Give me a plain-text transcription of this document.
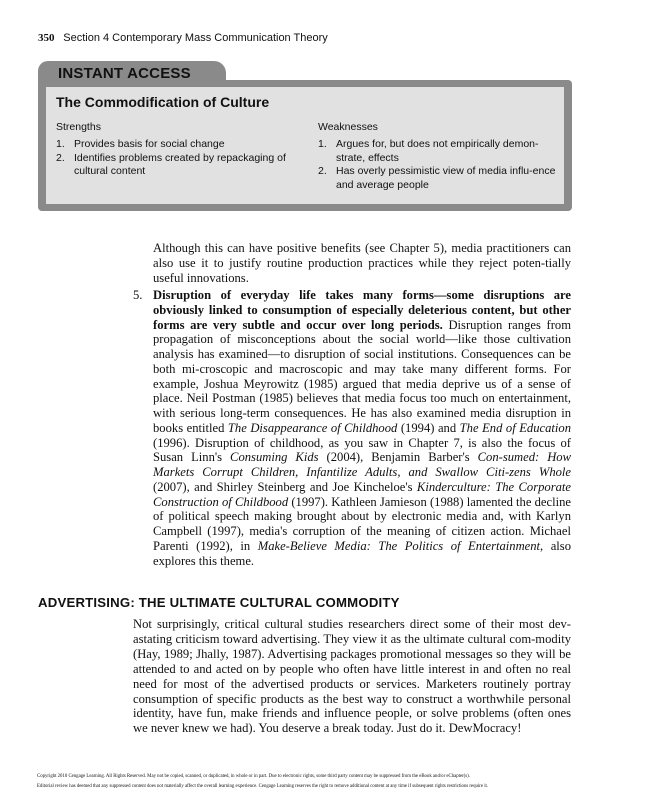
350 Section 4 Contemporary Mass Communication Theory
INSTANT ACCESS
The Commodification of Culture
Strengths	Weaknesses
1. Provides basis for social change
2. Identifies problems created by repackaging of cultural content
1. Argues for, but does not empirically demon-strate, effects
2. Has overly pessimistic view of media influ-ence and average people

Although this can have positive benefits (see Chapter 5), media practitioners can also use it to justify routine production practices while they reject poten-tially useful innovations.

5. Disruption of everyday life takes many forms—some disruptions are obviously linked to consumption of especially deleterious content, but other forms are very subtle and occur over long periods. Disruption ranges from propagation of misconceptions about the social world—like those cultivation analysis has examined—to disruption of social institutions. Consequences can be both mi-croscopic and macroscopic and may take many different forms. For example, Joshua Meyrowitz (1985) argued that media deprive us of a sense of place. Neil Postman (1985) believes that media focus too much on entertainment, with serious long-term consequences. He has also examined media disruption in books entitled The Disappearance of Childhood (1994) and The End of Education (1996). Disruption of childhood, as you saw in Chapter 7, is also the focus of Susan Linn's Consuming Kids (2004), Benjamin Barber's Con-sumed: How Markets Corrupt Children, Infantilize Adults, and Swallow Citi-zens Whole (2007), and Shirley Steinberg and Joe Kincheloe's Kinderculture: The Corporate Construction of Childbood (1997). Kathleen Jamieson (1988) lamented the decline of political speech making brought about by electronic media and, with Karlyn Campbell (1997), media's corruption of the meaning of citizen action. Michael Parenti (1992), in Make-Believe Media: The Politics of Entertainment, also explores this theme.

ADVERTISING: THE ULTIMATE CULTURAL COMMODITY

Not surprisingly, critical cultural studies researchers direct some of their most dev-astating criticism toward advertising. They view it as the ultimate cultural com-modity (Hay, 1989; Jhally, 1987). Advertising packages promotional messages so they will be attended to and acted on by people who often have little interest in and often no real need for most of the advertised products or services. Marketers routinely portray consumption of specific products as the best way to construct a worthwhile personal identity, have fun, make friends and influence people, or solve problems (often ones we never knew we had). You deserve a break today. Just do it. DewMocracy!

Copyright 2010 Cengage Learning. All Rights Reserved. May not be copied, scanned, or duplicated, in whole or in part. Due to electronic rights, some third party content may be suppressed from the eBook and/or eChapter(s).
Editorial review has deemed that any suppressed content does not materially affect the overall learning experience. Cengage Learning reserves the right to remove additional content at any time if subsequent rights restrictions require it.
